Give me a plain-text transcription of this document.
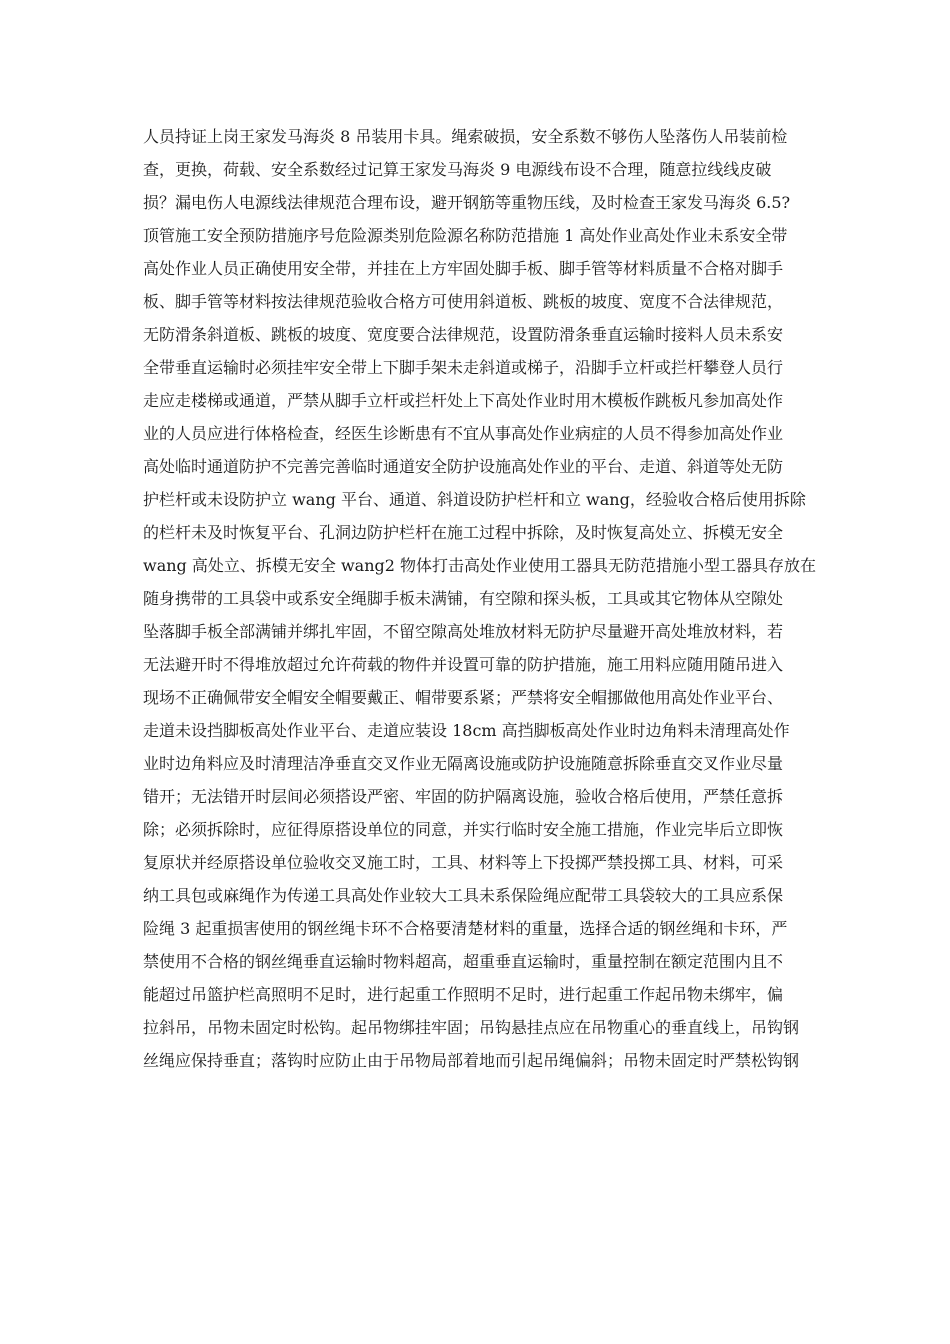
人员持证上岗王家发马海炎 8 吊装用卡具。绳索破损，安全系数不够伤人坠落伤人吊装前检
查，更换，荷载、安全系数经过记算王家发马海炎 9 电源线布设不合理，随意拉线线皮破
损？漏电伤人电源线法律规范合理布设，避开钢筋等重物压线，及时检查王家发马海炎 6.5?
顶管施工安全预防措施序号危险源类别危险源名称防范措施 1 高处作业高处作业未系安全带
高处作业人员正确使用安全带，并挂在上方牢固处脚手板、脚手管等材料质量不合格对脚手
板、脚手管等材料按法律规范验收合格方可使用斜道板、跳板的坡度、宽度不合法律规范，
无防滑条斜道板、跳板的坡度、宽度要合法律规范，设置防滑条垂直运输时接料人员未系安
全带垂直运输时必须挂牢安全带上下脚手架未走斜道或梯子，沿脚手立杆或拦杆攀登人员行
走应走楼梯或通道，严禁从脚手立杆或拦杆处上下高处作业时用木模板作跳板凡参加高处作
业的人员应进行体格检查，经医生诊断患有不宜从事高处作业病症的人员不得参加高处作业
高处临时通道防护不完善完善临时通道安全防护设施高处作业的平台、走道、斜道等处无防
护栏杆或未设防护立 wang 平台、通道、斜道设防护栏杆和立 wang，经验收合格后使用拆除
的栏杆未及时恢复平台、孔洞边防护栏杆在施工过程中拆除，及时恢复高处立、拆模无安全
wang 高处立、拆模无安全 wang2 物体打击高处作业使用工器具无防范措施小型工器具存放在
随身携带的工具袋中或系安全绳脚手板未满铺，有空隙和探头板，工具或其它物体从空隙处
坠落脚手板全部满铺并绑扎牢固，不留空隙高处堆放材料无防护尽量避开高处堆放材料，若
无法避开时不得堆放超过允许荷载的物件并设置可靠的防护措施，施工用料应随用随吊进入
现场不正确佩带安全帽安全帽要戴正、帽带要系紧；严禁将安全帽挪做他用高处作业平台、
走道未设挡脚板高处作业平台、走道应装设 18cm 高挡脚板高处作业时边角料未清理高处作
业时边角料应及时清理洁净垂直交叉作业无隔离设施或防护设施随意拆除垂直交叉作业尽量
错开；无法错开时层间必须搭设严密、牢固的防护隔离设施，验收合格后使用，严禁任意拆
除；必须拆除时，应征得原搭设单位的同意，并实行临时安全施工措施，作业完毕后立即恢
复原状并经原搭设单位验收交叉施工时，工具、材料等上下投掷严禁投掷工具、材料，可采
纳工具包或麻绳作为传递工具高处作业较大工具未系保险绳应配带工具袋较大的工具应系保
险绳 3 起重损害使用的钢丝绳卡环不合格要清楚材料的重量，选择合适的钢丝绳和卡环，严
禁使用不合格的钢丝绳垂直运输时物料超高，超重垂直运输时，重量控制在额定范围内且不
能超过吊篮护栏高照明不足时，进行起重工作照明不足时，进行起重工作起吊物未绑牢，偏
拉斜吊，吊物未固定时松钩。起吊物绑挂牢固；吊钩悬挂点应在吊物重心的垂直线上，吊钩钢
丝绳应保持垂直；落钩时应防止由于吊物局部着地而引起吊绳偏斜；吊物未固定时严禁松钩钢
